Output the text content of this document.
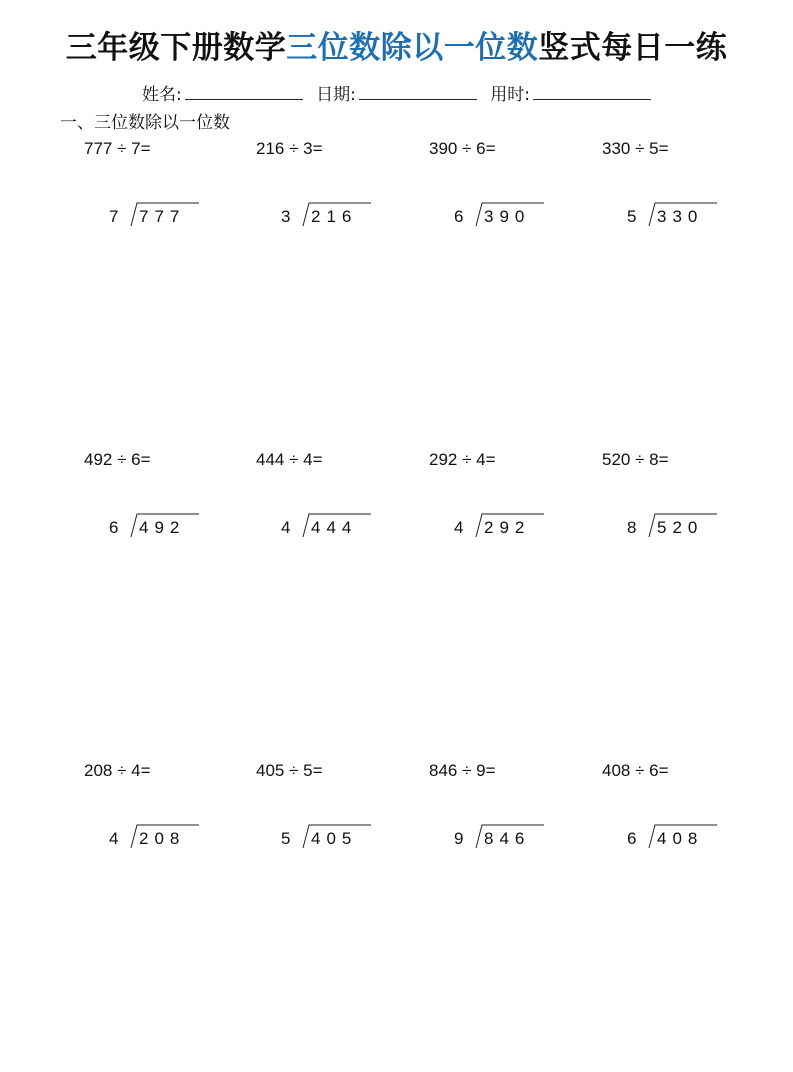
三年级下册数学三位数除以一位数竖式每日一练
姓名:	日期:	用时:
一、三位数除以一位数
777 ÷ 7=
7 777
216 ÷ 3=
3 216
390 ÷ 6=
6 390
330 ÷ 5=
5 330
492 ÷ 6=
6 492
444 ÷ 4=
4 444
292 ÷ 4=
4 292
520 ÷ 8=
8 520
208 ÷ 4=
4 208
405 ÷ 5=
5 405
846 ÷ 9=
9 846
408 ÷ 6=
6 408
